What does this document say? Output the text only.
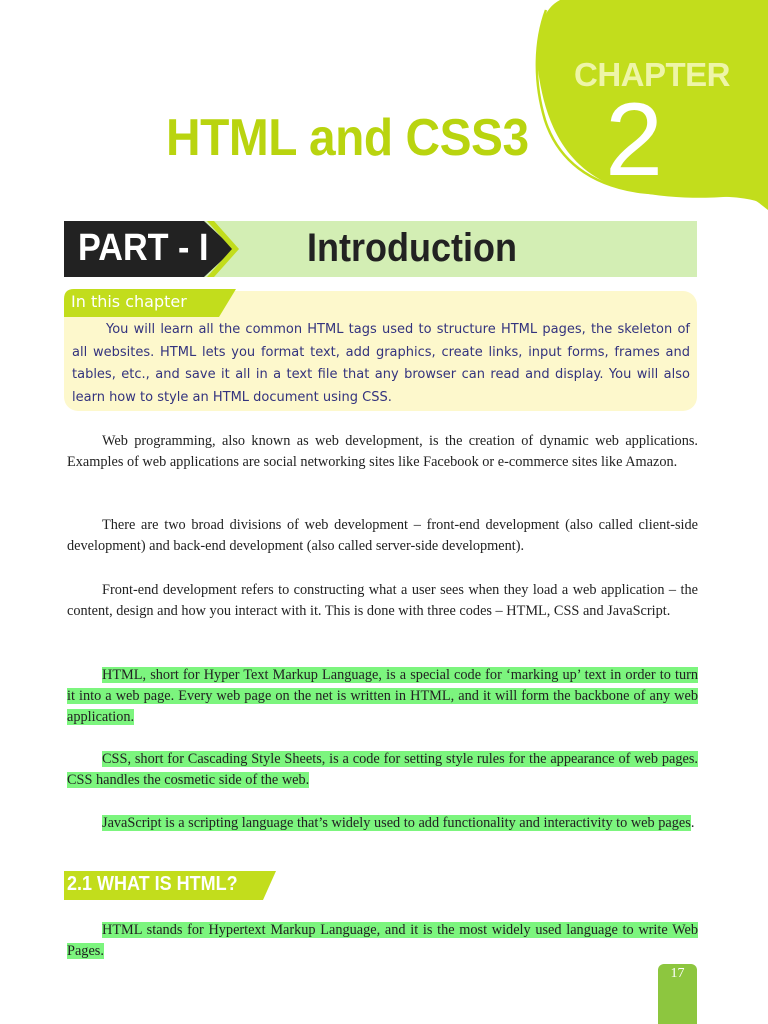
CHAPTER
2
HTML and CSS3
PART - I Introduction
In this chapter

You will learn all the common HTML tags used to structure HTML pages, the skeleton of all websites. HTML lets you format text, add graphics, create links, input forms, frames and tables, etc., and save it all in a text file that any browser can read and display. You will also learn how to style an HTML document using CSS.

Web programming, also known as web development, is the creation of dynamic web applications. Examples of web applications are social networking sites like Facebook or e-commerce sites like Amazon.

There are two broad divisions of web development – front-end development (also called client-side development) and back-end development (also called server-side development).

Front-end development refers to constructing what a user sees when they load a web application – the content, design and how you interact with it. This is done with three codes – HTML, CSS and JavaScript.

HTML, short for Hyper Text Markup Language, is a special code for ‘marking up’ text in order to turn it into a web page. Every web page on the net is written in HTML, and it will form the backbone of any web application.

CSS, short for Cascading Style Sheets, is a code for setting style rules for the appearance of web pages. CSS handles the cosmetic side of the web.

JavaScript is a scripting language that’s widely used to add functionality and interactivity to web pages.

2.1 WHAT IS HTML?

HTML stands for Hypertext Markup Language, and it is the most widely used language to write Web Pages.

17
